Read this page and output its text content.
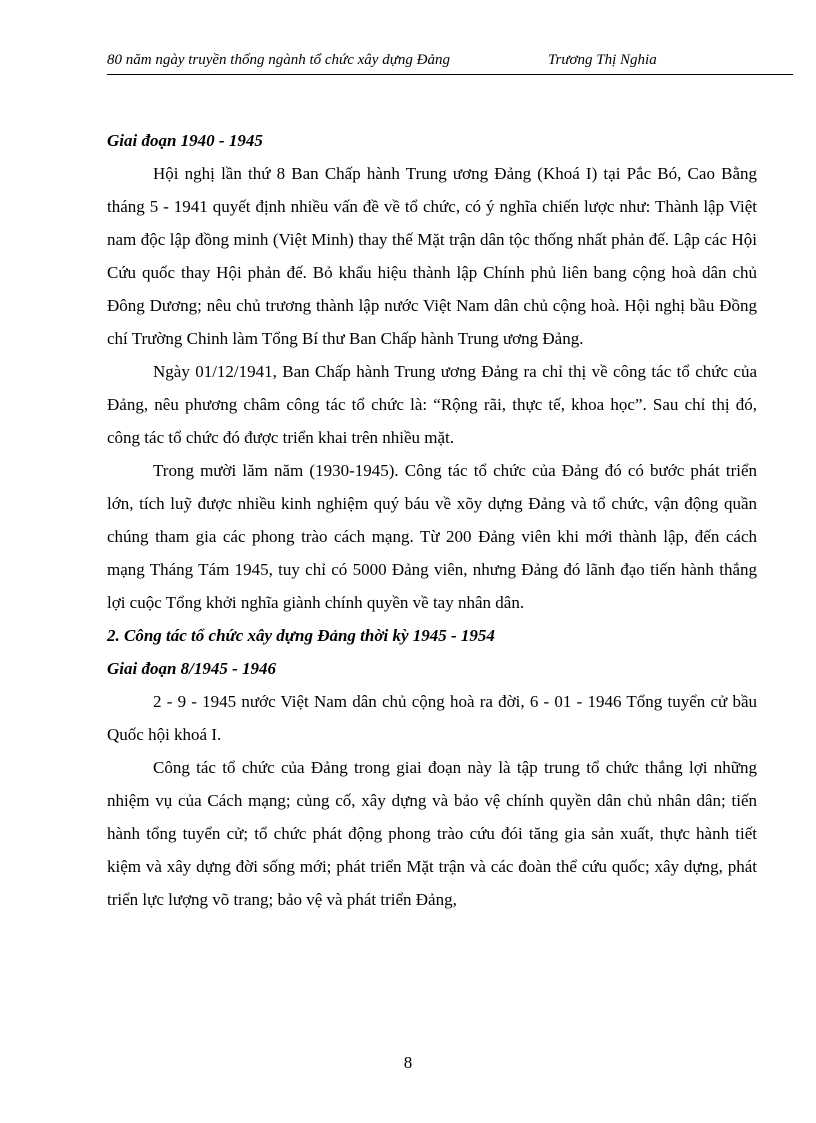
80 năm ngày truyền thống ngành tổ chức xây dựng Đảng	Trương Thị Nghia

Giai đoạn 1940 - 1945

Hội nghị lần thứ 8 Ban Chấp hành Trung ương Đảng (Khoá I) tại Pắc Bó, Cao Bằng tháng 5 - 1941 quyết định nhiều vấn đề về tổ chức, có ý nghĩa chiến lược như: Thành lập Việt nam độc lập đồng minh (Việt Minh) thay thế Mặt trận dân tộc thống nhất phản đế. Lập các Hội Cứu quốc thay Hội phản đế. Bỏ khẩu hiệu thành lập Chính phủ liên bang cộng hoà dân chủ Đông Dương; nêu chủ trương thành lập nước Việt Nam dân chủ cộng hoà. Hội nghị bầu Đồng chí Trường Chinh làm Tổng Bí thư Ban Chấp hành Trung ương Đảng.

Ngày 01/12/1941, Ban Chấp hành Trung ương Đảng ra chỉ thị về công tác tổ chức của Đảng, nêu phương châm công tác tổ chức là: “Rộng rãi, thực tế, khoa học”. Sau chỉ thị đó, công tác tổ chức đó được triển khai trên nhiều mặt.

Trong mười lăm năm (1930-1945). Công tác tổ chức của Đảng đó có bước phát triển lớn, tích luỹ được nhiều kinh nghiệm quý báu về xõy dựng Đảng và tổ chức, vận động quần chúng tham gia các phong trào cách mạng. Từ 200 Đảng viên khi mới thành lập, đến cách mạng Tháng Tám 1945, tuy chỉ có 5000 Đảng viên, nhưng Đảng đó lãnh đạo tiến hành thắng lợi cuộc Tổng khởi nghĩa giành chính quyền về tay nhân dân.

2. Công tác tổ chức xây dựng Đảng thời kỳ 1945 - 1954

Giai đoạn 8/1945 - 1946

2 - 9 - 1945 nước Việt Nam dân chủ cộng hoà ra đời, 6 - 01 - 1946 Tổng tuyển cử bầu Quốc hội khoá I.

Công tác tổ chức của Đảng trong giai đoạn này là tập trung tổ chức thắng lợi những nhiệm vụ của Cách mạng; củng cố, xây dựng và bảo vệ chính quyền dân chủ nhân dân; tiến hành tổng tuyển cử; tổ chức phát động phong trào cứu đói tăng gia sản xuất, thực hành tiết kiệm và xây dựng đời sống mới; phát triển Mặt trận và các đoàn thể cứu quốc; xây dựng, phát triển lực lượng võ trang; bảo vệ và phát triển Đảng,

8
